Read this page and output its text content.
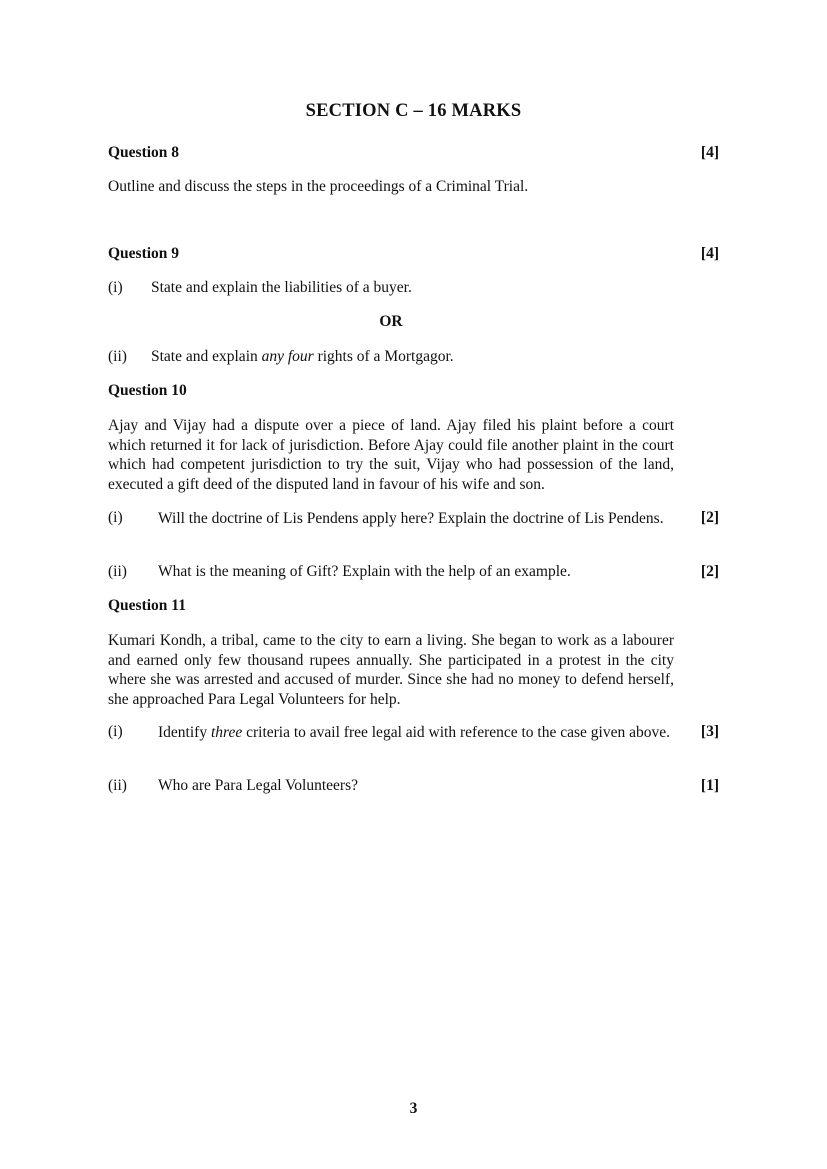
SECTION C – 16 MARKS
Question 8	[4]
Outline and discuss the steps in the proceedings of a Criminal Trial.
Question 9	[4]
(i) State and explain the liabilities of a buyer.
OR
(ii) State and explain any four rights of a Mortgagor.
Question 10

Ajay and Vijay had a dispute over a piece of land. Ajay filed his plaint before a court which returned it for lack of jurisdiction. Before Ajay could file another plaint in the court which had competent jurisdiction to try the suit, Vijay who had possession of the land, executed a gift deed of the disputed land in favour of his wife and son.

(i) Will the doctrine of Lis Pendens apply here? Explain the doctrine of Lis Pendens.	[2]
(ii) What is the meaning of Gift? Explain with the help of an example.	[2]
Question 11

Kumari Kondh, a tribal, came to the city to earn a living. She began to work as a labourer and earned only few thousand rupees annually. She participated in a protest in the city where she was arrested and accused of murder. Since she had no money to defend herself, she approached Para Legal Volunteers for help.

(i) Identify three criteria to avail free legal aid with reference to the case given above. [3]
(ii) Who are Para Legal Volunteers?	[1]
3
